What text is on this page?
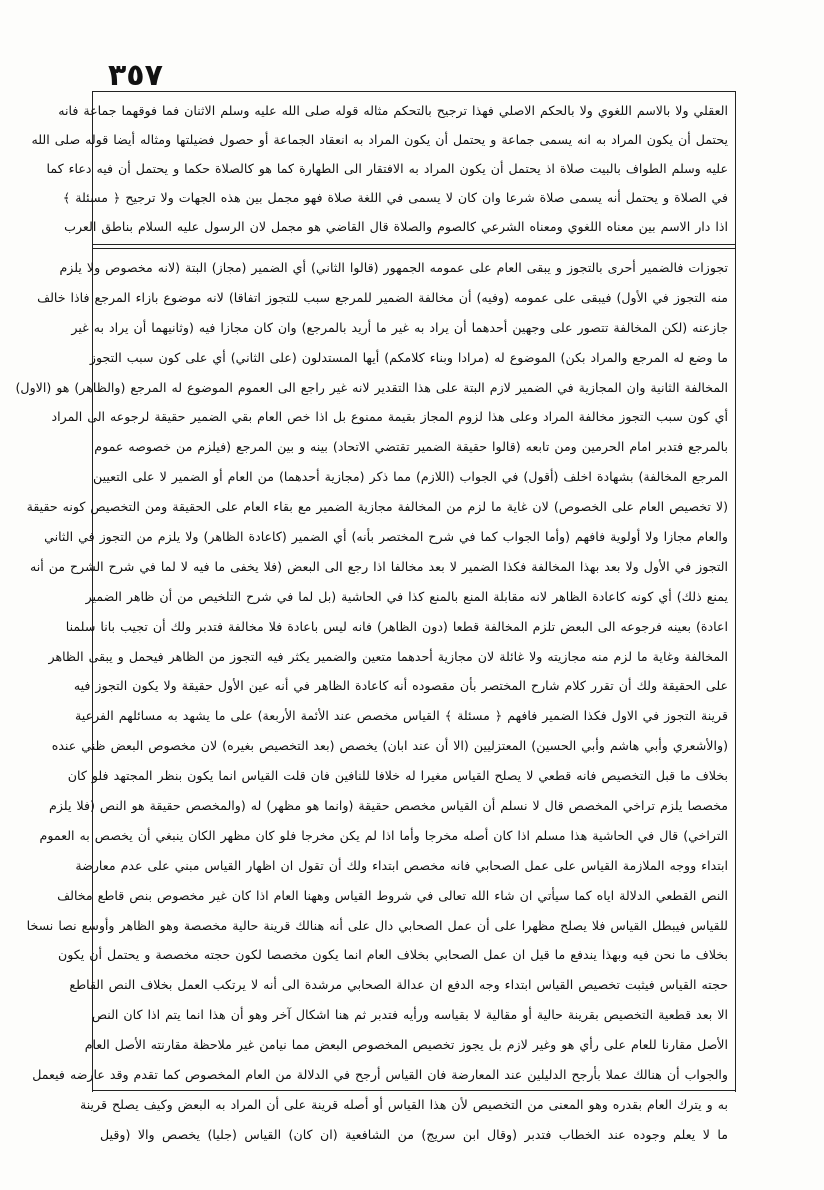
٣٥٧
العقلي ولا بالاسم اللغوي ولا بالحكم الاصلي فهذا ترجيح بالتحكم مثاله قوله صلى الله عليه وسلم الاثنان فما فوقهما جماعة فانه
يحتمل أن يكون المراد به انه يسمى جماعة و يحتمل أن يكون المراد به انعقاد الجماعة أو حصول فضيلتها ومثاله أيضا قوله صلى الله
عليه وسلم الطواف بالبيت صلاة اذ يحتمل أن يكون المراد به الافتقار الى الطهارة كما هو كالصلاة حكما و يحتمل أن فيه دعاء كما
في الصلاة و يحتمل أنه يسمى صلاة شرعا وان كان لا يسمى في اللغة صلاة فهو مجمل بين هذه الجهات ولا ترجيح ﴿ مسئلة ﴾
اذا دار الاسم بين معناه اللغوي ومعناه الشرعي كالصوم والصلاة قال القاضي هو مجمل لان الرسول عليه السلام بناطق العرب
تجوزات فالضمير أحرى بالتجوز و يبقى العام على عمومه الجمهور (قالوا الثاني) أي الضمير (مجاز) البتة (لانه مخصوص ولا يلزم
منه التجوز في الأول) فيبقى على عمومه (وفيه) أن مخالفة الضمير للمرجع سبب للتجوز اتفاقا) لانه موضوع بازاء المرجع فاذا خالف
جازعنه (لكن المخالفة تتصور على وجهين أحدهما أن يراد به غير ما أريد بالمرجع) وان كان مجازا فيه (وثانيهما أن يراد به غير
ما وضع له المرجع والمراد بكن) الموضوع له (مرادا وبناء كلامكم) أيها المستدلون (على الثاني) أي على كون سبب التجوز
المخالفة الثانية وان المجازية في الضمير لازم البتة على هذا التقدير لانه غير راجع الى العموم الموضوع له المرجع (والظاهر) هو (الاول)
أي كون سبب التجوز مخالفة المراد وعلى هذا لزوم المجاز بقيمة ممنوع بل اذا خص العام بقي الضمير حقيقة لرجوعه الى المراد
بالمرجع فتدبر امام الحرمين ومن تابعه (قالوا حقيقة الضمير تقتضي الاتحاد) بينه و بين المرجع (فيلزم من خصوصه عموم
المرجع المخالفة) بشهادة اخلف (أقول) في الجواب (اللازم) مما ذكر (مجازية أحدهما) من العام أو الضمير لا على التعيين
(لا تخصيص العام على الخصوص) لان غاية ما لزم من المخالفة مجازية الضمير مع بقاء العام على الحقيقة ومن التخصيص كونه حقيقة
والعام مجازا ولا أولوية فافهم (وأما الجواب كما في شرح المختصر بأنه) أي الضمير (كاعادة الظاهر) ولا يلزم من التجوز في الثاني
التجوز في الأول ولا بعد بهذا المخالفة فكذا الضمير لا بعد مخالفا اذا رجع الى البعض (فلا يخفى ما فيه لا لما في شرح الشرح من أنه
يمنع ذلك) أي كونه كاعادة الظاهر لانه مقابلة المنع بالمنع كذا في الحاشية (بل لما في شرح التلخيص من أن ظاهر الضمير
اعادة) بعينه فرجوعه الى البعض تلزم المخالفة قطعا (دون الظاهر) فانه ليس باعادة فلا مخالفة فتدبر ولك أن تجيب بانا سلمنا
المخالفة وغاية ما لزم منه مجازيته ولا غائلة لان مجازية أحدهما متعين والضمير يكثر فيه التجوز من الظاهر فيحمل و يبقى الظاهر
على الحقيقة ولك أن تقرر كلام شارح المختصر بأن مقصوده أنه كاعادة الظاهر في أنه عين الأول حقيقة ولا يكون التجوز فيه
قرينة التجوز في الاول فكذا الضمير فافهم ﴿ مسئلة ﴾ القياس مخصص عند الأئمة الأربعة) على ما يشهد به مسائلهم الفرعية
(والأشعري وأبي هاشم وأبي الحسين) المعتزليين (الا أن عند ابان) يخصص (بعد التخصيص بغيره) لان مخصوص البعض ظني عنده
بخلاف ما قبل التخصيص فانه قطعي لا يصلح القياس مغيرا له خلافا للنافين فان قلت القياس انما يكون بنظر المجتهد فلو كان
مخصصا يلزم تراخي المخصص قال لا نسلم أن القياس مخصص حقيقة (وانما هو مظهر) له (والمخصص حقيقة هو النص (فلا يلزم
التراخي) قال في الحاشية هذا مسلم اذا كان أصله مخرجا وأما اذا لم يكن مخرجا فلو كان مظهر الكان ينبغي أن يخصص به العموم
ابتداء ووجه الملازمة القياس على عمل الصحابي فانه مخصص ابتداء ولك أن تقول ان اظهار القياس مبني على عدم معارضة
النص القطعي الدلالة اياه كما سيأتي ان شاء الله تعالى في شروط القياس وههنا العام اذا كان غير مخصوص بنص قاطع مخالف
للقياس فيبطل القياس فلا يصلح مظهرا على أن عمل الصحابي دال على أنه هنالك قرينة حالية مخصصة وهو الظاهر وأوسع نصا نسخا
بخلاف ما نحن فيه وبهذا يندفع ما قيل ان عمل الصحابي بخلاف العام انما يكون مخصصا لكون حجته مخصصة و يحتمل أن يكون
حجته القياس فيثبت تخصيص القياس ابتداء وجه الدفع ان عدالة الصحابي مرشدة الى أنه لا يرتكب العمل بخلاف النص القاطع
الا بعد قطعية التخصيص بقرينة حالية أو مقالية لا بقياسه ورأيه فتدبر ثم هنا اشكال آخر وهو أن هذا انما يتم اذا كان النص
الأصل مقارنا للعام على رأي هو وغير لازم بل يجوز تخصيص المخصوص البعض مما نيامن غير ملاحظة مقارنته الأصل العام
والجواب أن هنالك عملا بأرجح الدليلين عند المعارضة فان القياس أرجح في الدلالة من العام المخصوص كما تقدم وقد عارضه فيعمل
به و يترك العام بقدره وهو المعنى من التخصيص لأن هذا القياس أو أصله قرينة على أن المراد به البعض وكيف يصلح قرينة
ما لا يعلم وجوده عند الخطاب فتدبر (وقال ابن سريج) من الشافعية (ان كان) القياس (جليا) يخصص والا (وقيل
